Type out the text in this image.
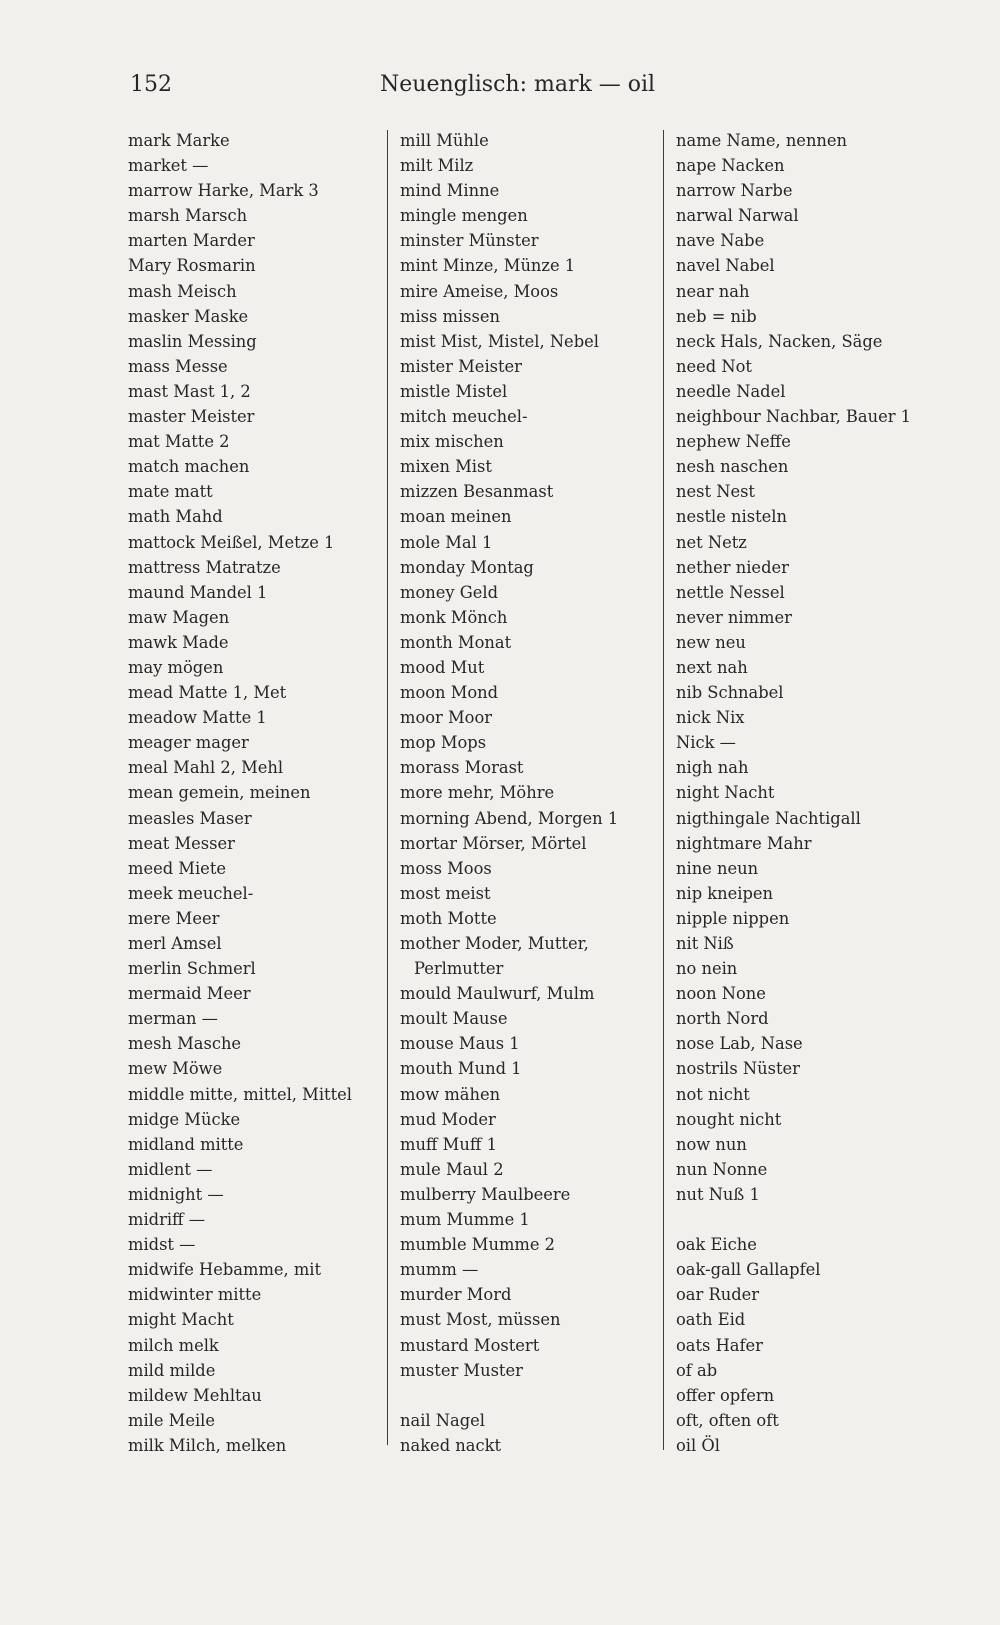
152	Neuenglisch: mark — oil
mark Marke
market —
marrow Harke, Mark 3
marsh Marsch
marten Marder
Mary Rosmarin
mash Meisch
masker Maske
maslin Messing
mass Messe
mast Mast 1, 2
master Meister
mat Matte 2
match machen
mate matt
math Mahd
mattock Meißel, Metze 1
mattress Matratze
maund Mandel 1
maw Magen
mawk Made
may mögen
mead Matte 1, Met
meadow Matte 1
meager mager
meal Mahl 2, Mehl
mean gemein, meinen
measles Maser
meat Messer
meed Miete
meek meuchel-
mere Meer
merl Amsel
merlin Schmerl
mermaid Meer
merman —
mesh Masche
mew Möwe
middle mitte, mittel, Mittel
midge Mücke
midland mitte
midlent —
midnight —
midriff —
midst —
midwife Hebamme, mit
midwinter mitte
might Macht
milch melk
mild milde
mildew Mehltau
mile Meile
milk Milch, melken
mill Mühle
milt Milz
mind Minne
mingle mengen
minster Münster
mint Minze, Münze 1
mire Ameise, Moos
miss missen
mist Mist, Mistel, Nebel
mister Meister
mistle Mistel
mitch meuchel-
mix mischen
mixen Mist
mizzen Besanmast
moan meinen
mole Mal 1
monday Montag
money Geld
monk Mönch
month Monat
mood Mut
moon Mond
moor Moor
mop Mops
morass Morast
more mehr, Möhre
morning Abend, Morgen 1
mortar Mörser, Mörtel
moss Moos
most meist
moth Motte
mother Moder, Mutter,
Perlmutter
mould Maulwurf, Mulm
moult Mause
mouse Maus 1
mouth Mund 1
mow mähen
mud Moder
muff Muff 1
mule Maul 2
mulberry Maulbeere
mum Mumme 1
mumble Mumme 2
mumm —
murder Mord
must Most, müssen
mustard Mostert
muster Muster
nail Nagel
naked nackt
name Name, nennen
nape Nacken
narrow Narbe
narwal Narwal
nave Nabe
navel Nabel
near nah
neb = nib
neck Hals, Nacken, Säge
need Not
needle Nadel
neighbour Nachbar, Bauer 1
nephew Neffe
nesh naschen
nest Nest
nestle nisteln
net Netz
nether nieder
nettle Nessel
never nimmer
new neu
next nah
nib Schnabel
nick Nix
Nick —
nigh nah
night Nacht
nigthingale Nachtigall
nightmare Mahr
nine neun
nip kneipen
nipple nippen
nit Niß
no nein
noon None
north Nord
nose Lab, Nase
nostrils Nüster
not nicht
nought nicht
now nun
nun Nonne
nut Nuß 1
oak Eiche
oak-gall Gallapfel
oar Ruder
oath Eid
oats Hafer
of ab
offer opfern
oft, often oft
oil Öl
